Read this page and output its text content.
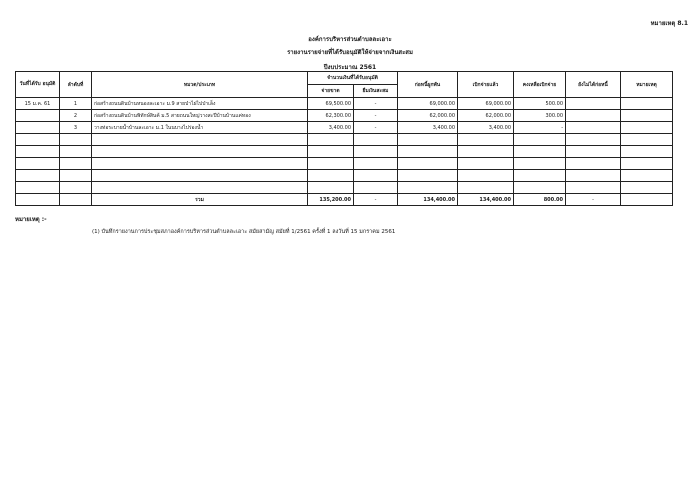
หมายเหตุ 8.1
องค์การบริหารส่วนตำบลละเอาะ
รายงานรายจ่ายที่ได้รับอนุมัติให้จ่ายจากเงินสะสม
ปีงบประมาณ 2561
วันที่ได้รับ อนุมัติ	ลำดับที่	หมวด/ประเภท	จำนวนเงินที่ได้รับอนุมัติ		ก่อหนี้ผูกพัน	เบิกจ่ายแล้ว	คงเหลือเบิกจ่าย	ยังไม่ได้ก่อหนี้	หมายเหตุ
			จ่ายขาด	ยืมเงินสะสม					
15 ม.ค. 61	1	ก่อสร้างถนนดินบ้านหนองละเอาะ ม.9 สายป่าไผ่ไปป่าเล็ง	69,500.00	-	69,000.00	69,000.00	500.00		
	2	ก่อสร้างถนนดินบ้านพิทักษ์สินค้ ม.5 สายถนนใหญ่วางสะปีบ้านบ้านแค่ทอง	62,300.00	-	62,000.00	62,000.00	300.00		
	3	วางท่อระบายน้ำบ้านละเอาะ ม.1 ในนบางไปร่องน้ำ	3,400.00	-	3,400.00	3,400.00	-		

		รวม	135,200.00	-	134,400.00	134,400.00	800.00	-	
หมายเหตุ :-
(1) บันทึกรายงานการประชุมสภาองค์การบริหารส่วนตำบลละเอาะ สมัยสามัญ สมัยที่ 1/2561 ครั้งที่ 1 ลงวันที่ 15 มกราคม 2561
